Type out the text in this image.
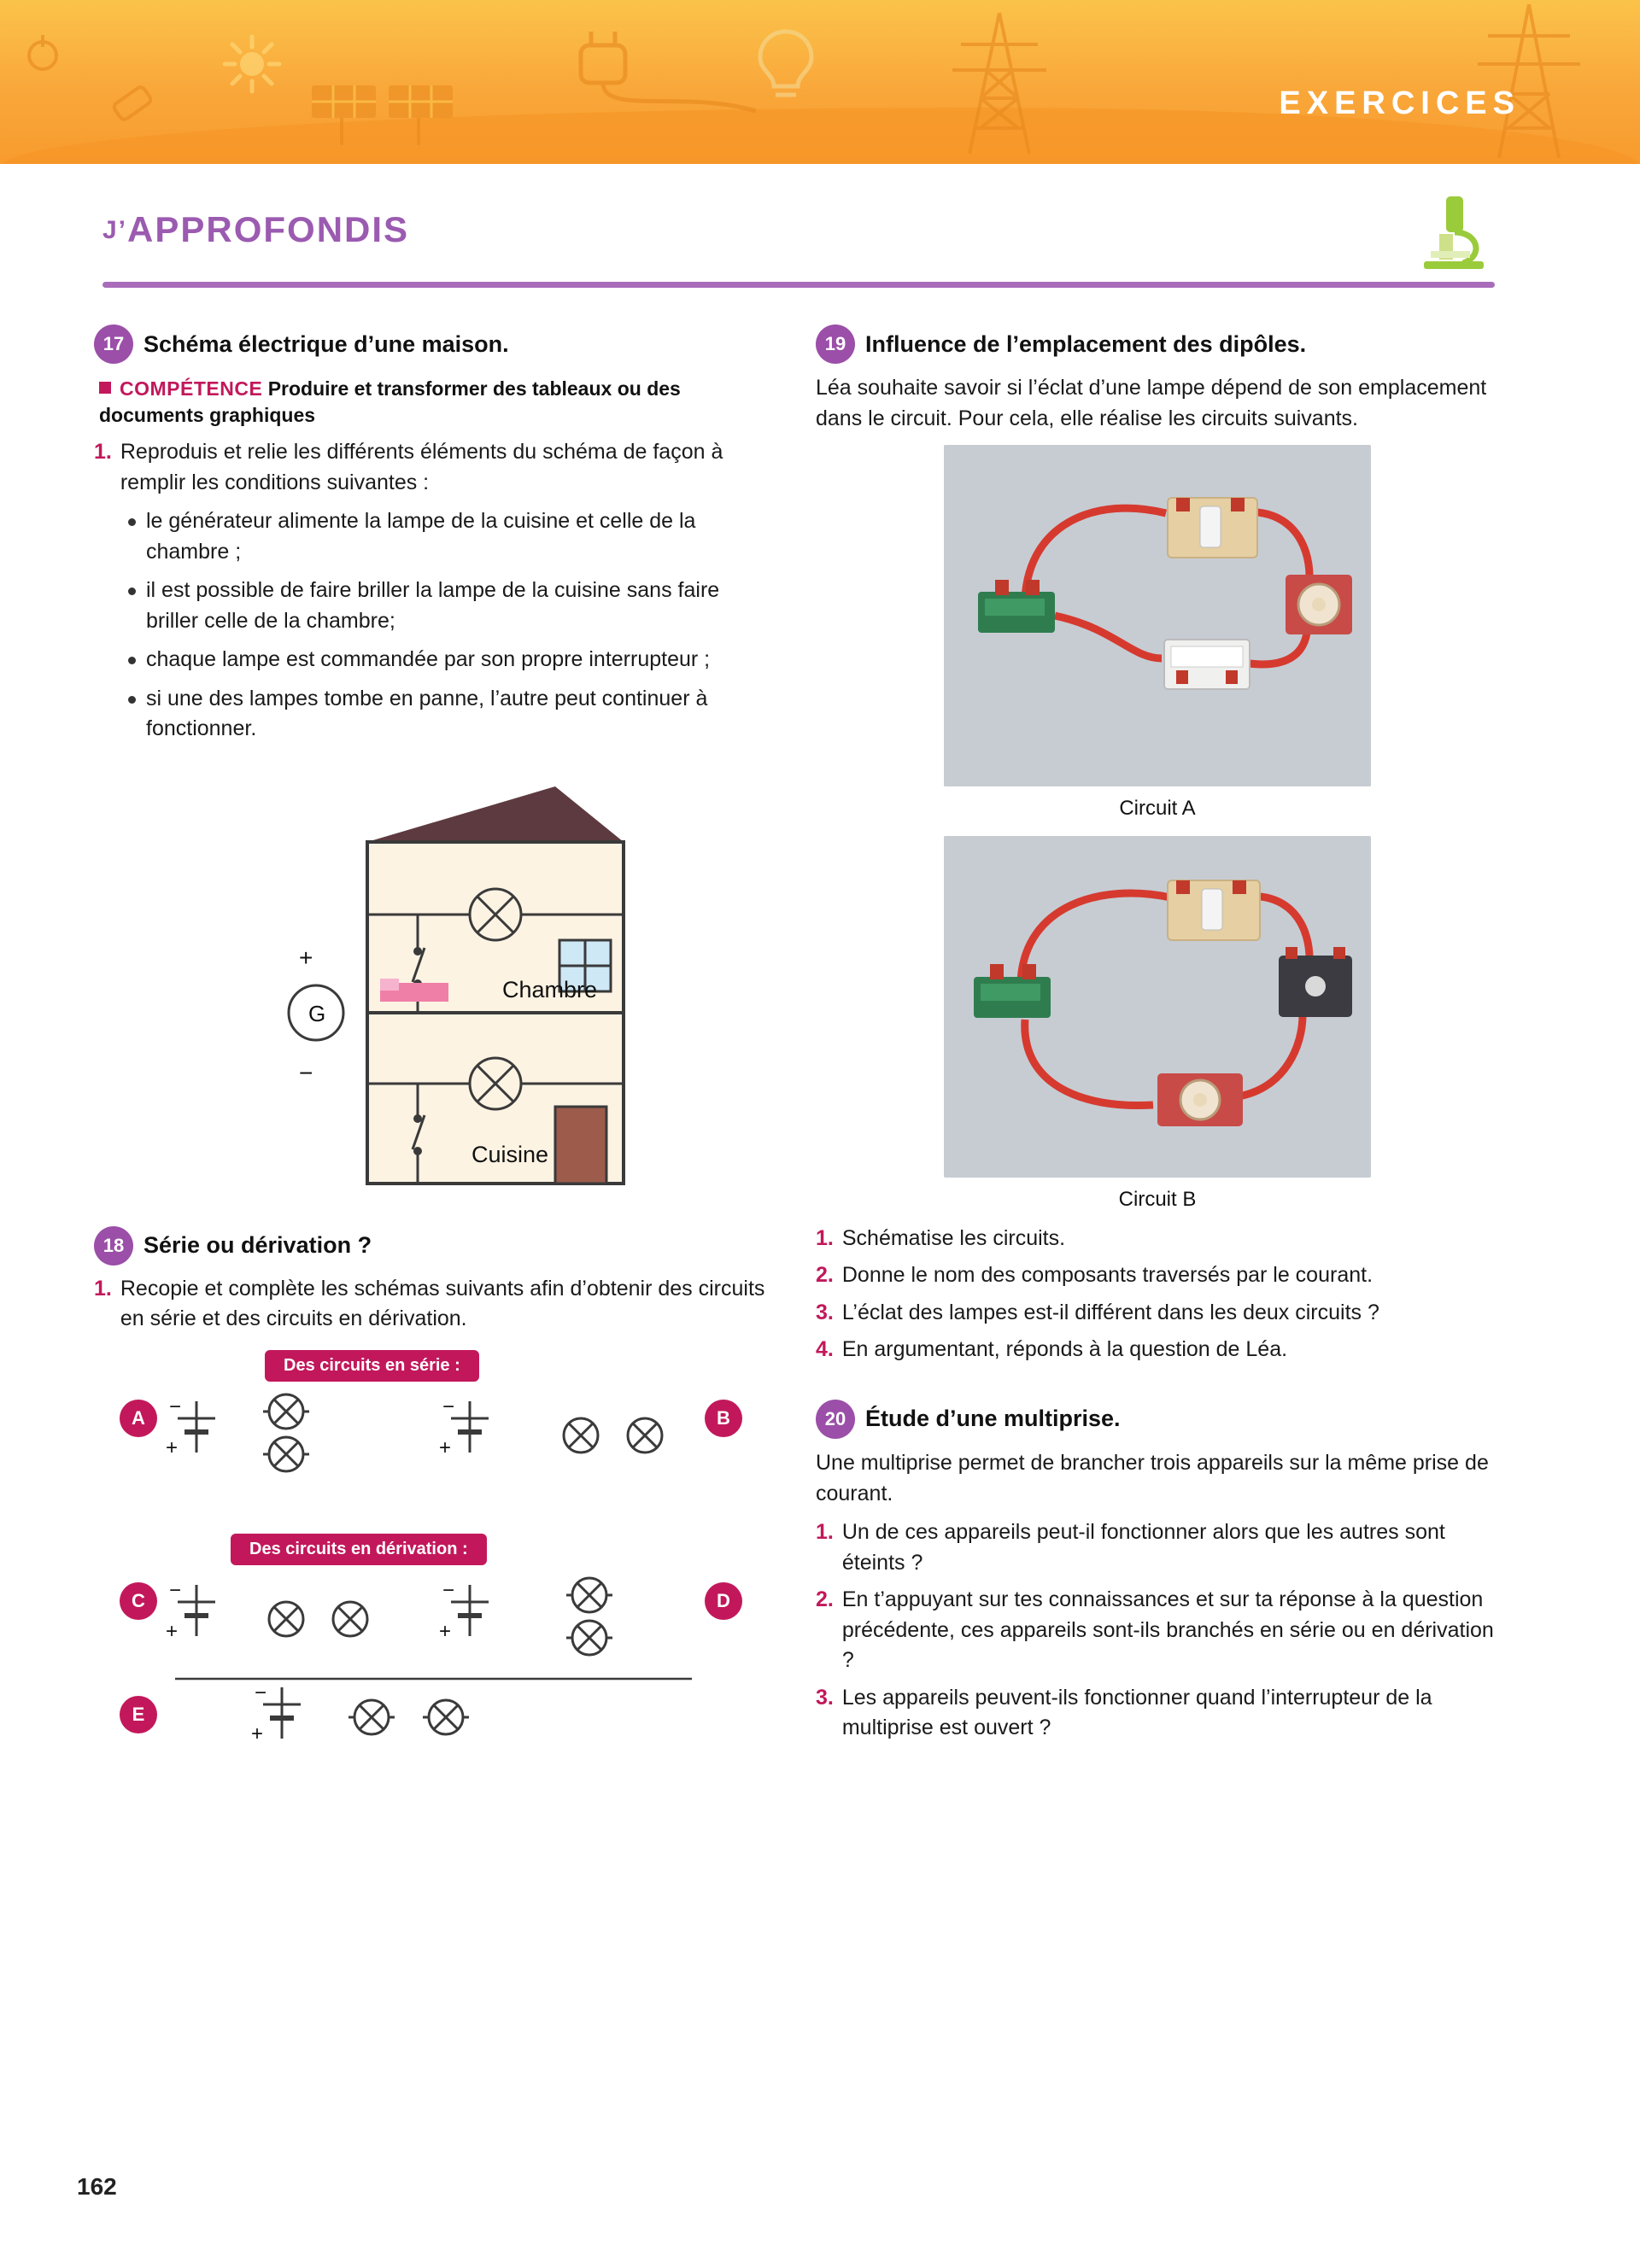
EXERCICES
J’APPROFONDIS
17 Schéma électrique d’une maison.
COMPÉTENCE Produire et transformer des tableaux ou des documents graphiques
1. Reproduis et relie les différents éléments du schéma de façon à remplir les conditions suivantes :
le générateur alimente la lampe de la cuisine et celle de la chambre ;
il est possible de faire briller la lampe de la cuisine sans faire briller celle de la chambre;
chaque lampe est commandée par son propre interrupteur ;
si une des lampes tombe en panne, l’autre peut continuer à fonctionner.
Chambre
Cuisine
G
+
−
18 Série ou dérivation ?
1. Recopie et complète les schémas suivants afin d’obtenir des circuits en série et des circuits en dérivation.
Des circuits en série :
A	B
Des circuits en dérivation :
C	D
E
−
+
−
+
−
+
−
+
−
+
19 Influence de l’emplacement des dipôles.

Léa souhaite savoir si l’éclat d’une lampe dépend de son emplacement dans le circuit. Pour cela, elle réalise les circuits suivants.

Circuit A
Circuit B
1. Schématise les circuits.
2. Donne le nom des composants traversés par le courant.
3. L’éclat des lampes est-il différent dans les deux circuits ?
4. En argumentant, réponds à la question de Léa.
20 Étude d’une multiprise.

Une multiprise permet de brancher trois appareils sur la même prise de courant.

1. Un de ces appareils peut-il fonctionner alors que les autres sont éteints ?
2. En t’appuyant sur tes connaissances et sur ta réponse à la question précédente, ces appareils sont-ils branchés en série ou en dérivation ?
3. Les appareils peuvent-ils fonctionner quand l’interrupteur de la multiprise est ouvert ?
162
